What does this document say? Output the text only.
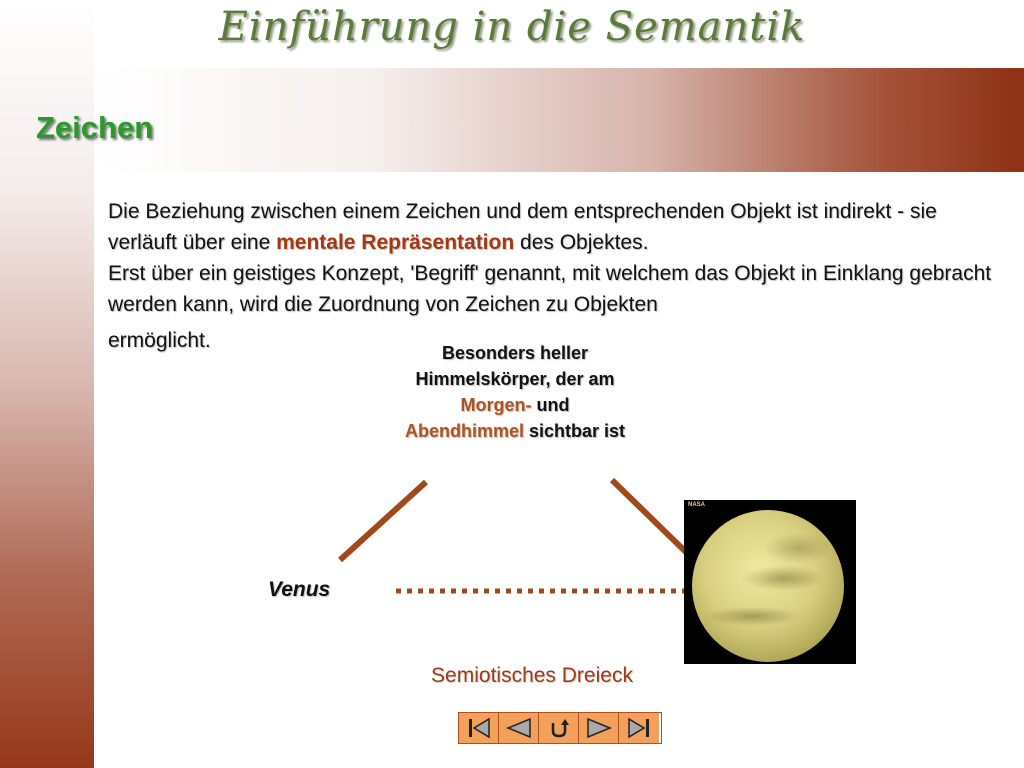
Einführung in die Semantik
Zeichen
Die Beziehung zwischen einem Zeichen und dem entsprechenden Objekt ist indirekt - sie verläuft über eine mentale Repräsentation des Objektes.
Erst über ein geistiges Konzept, 'Begriff' genannt, mit welchem das Objekt in Einklang gebracht werden kann, wird die Zuordnung von Zeichen zu Objekten
ermöglicht.
Besonders heller Himmelskörper, der am Morgen- und Abendhimmel sichtbar ist
Venus
NASA
Semiotisches Dreieck
